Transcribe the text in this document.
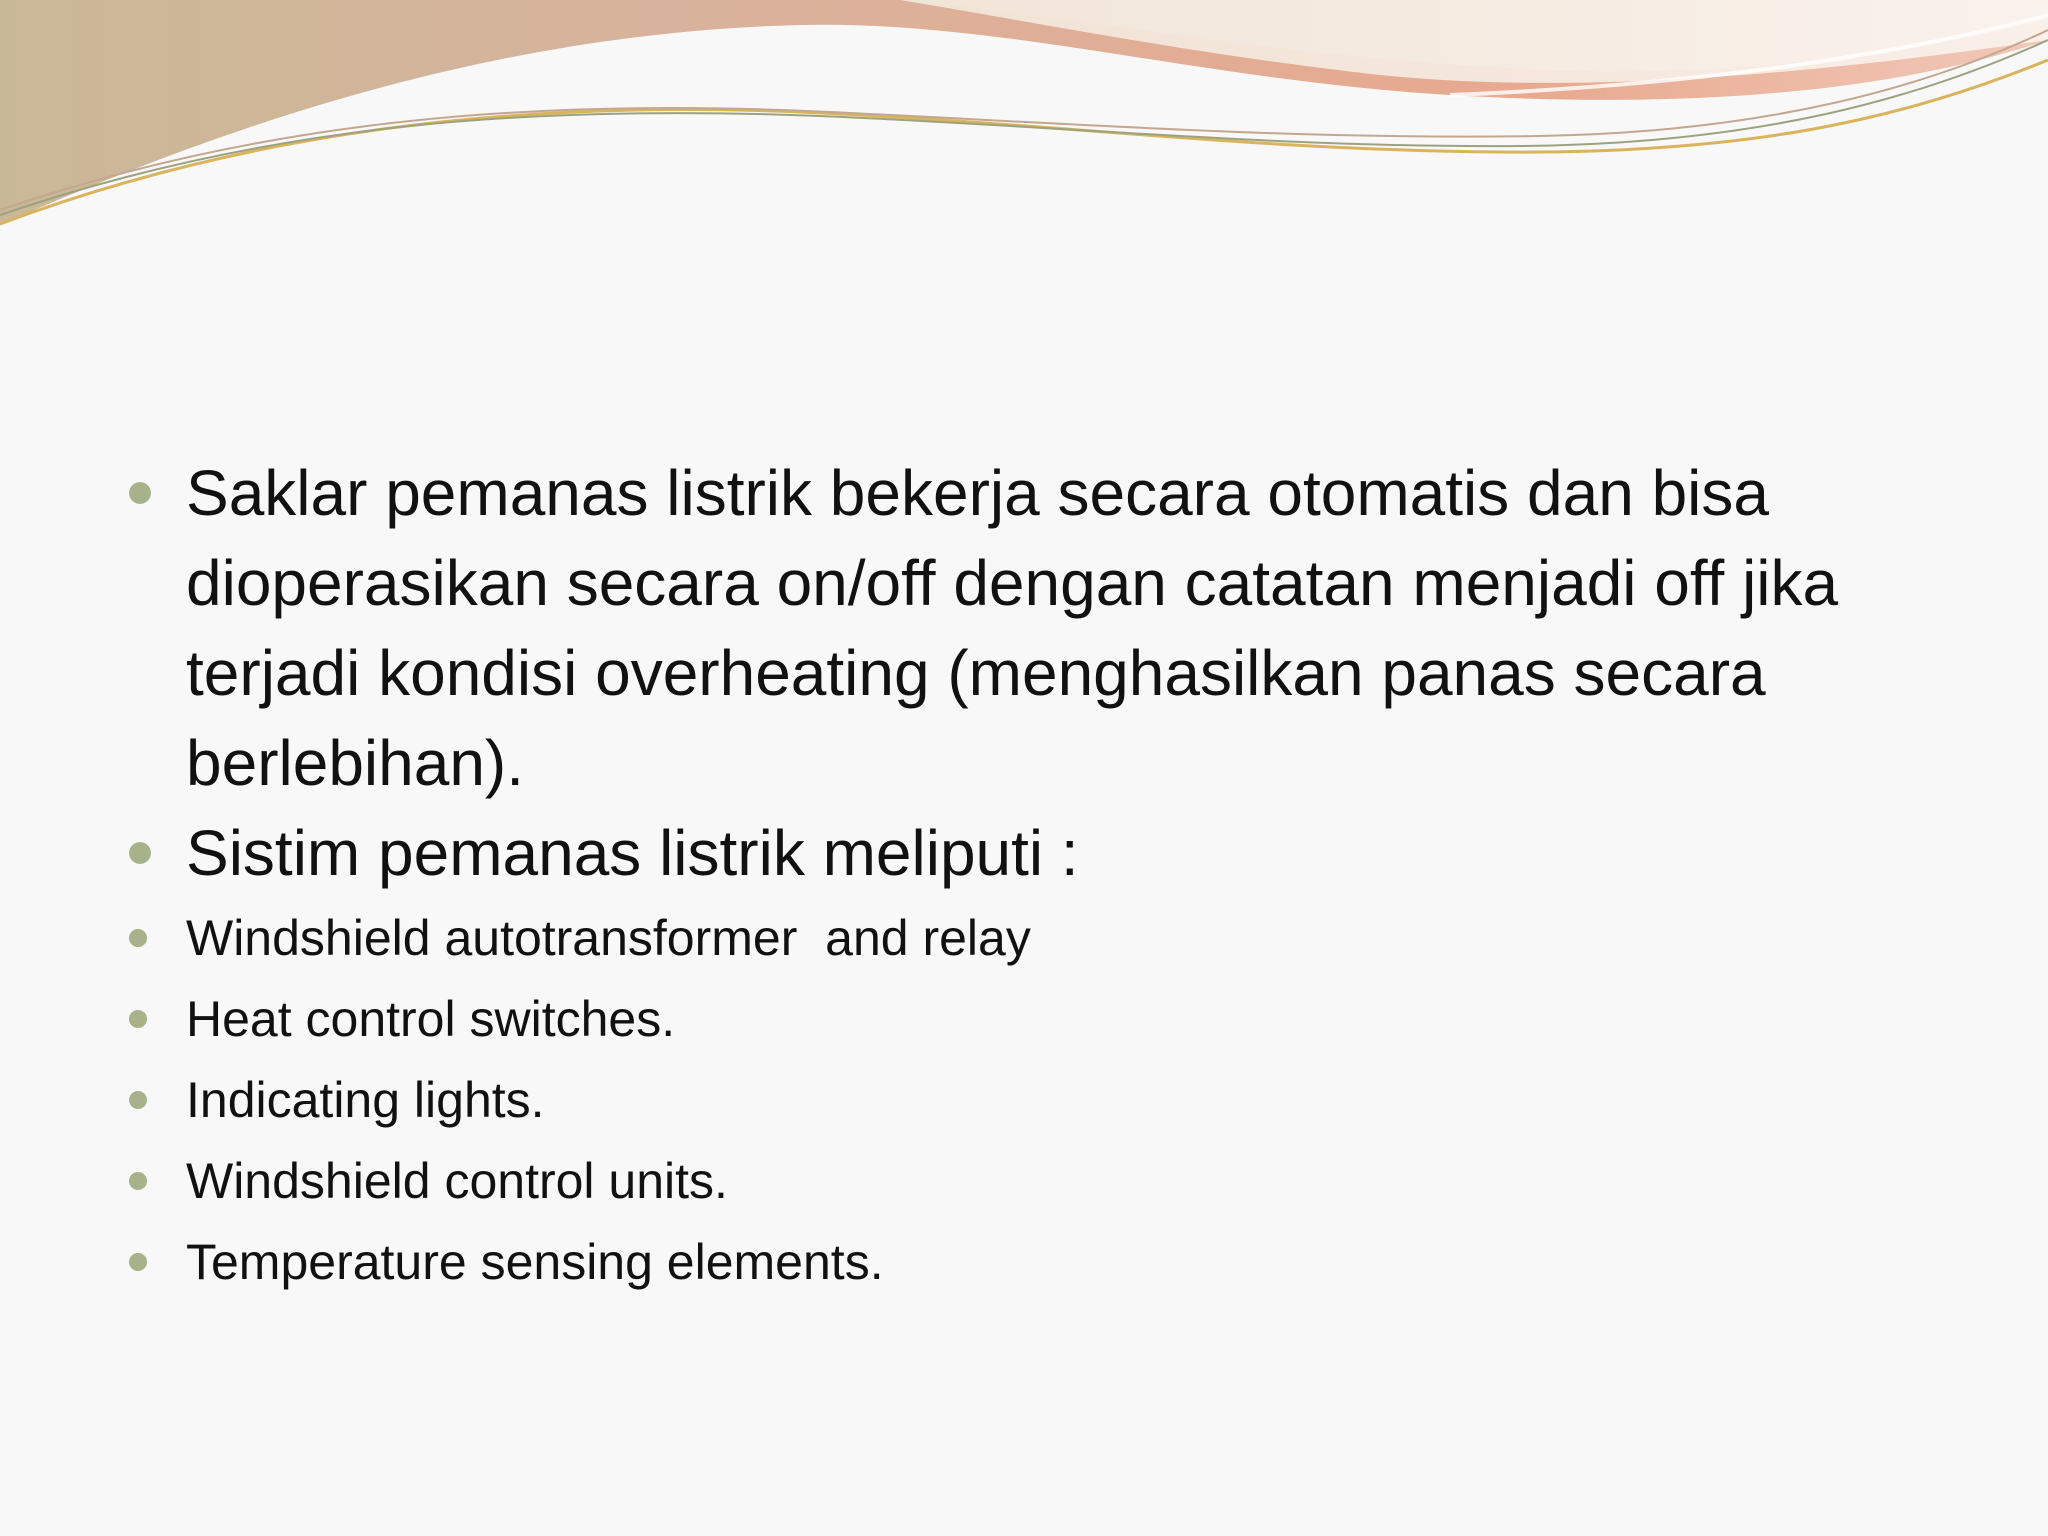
Saklar pemanas listrik bekerja secara otomatis dan bisa dioperasikan secara on/off dengan catatan menjadi off jika terjadi kondisi overheating (menghasilkan panas secara berlebihan).
Sistim pemanas listrik meliputi :
Windshield autotransformer  and relay
Heat control switches.
Indicating lights.
Windshield control units.
Temperature sensing elements.
